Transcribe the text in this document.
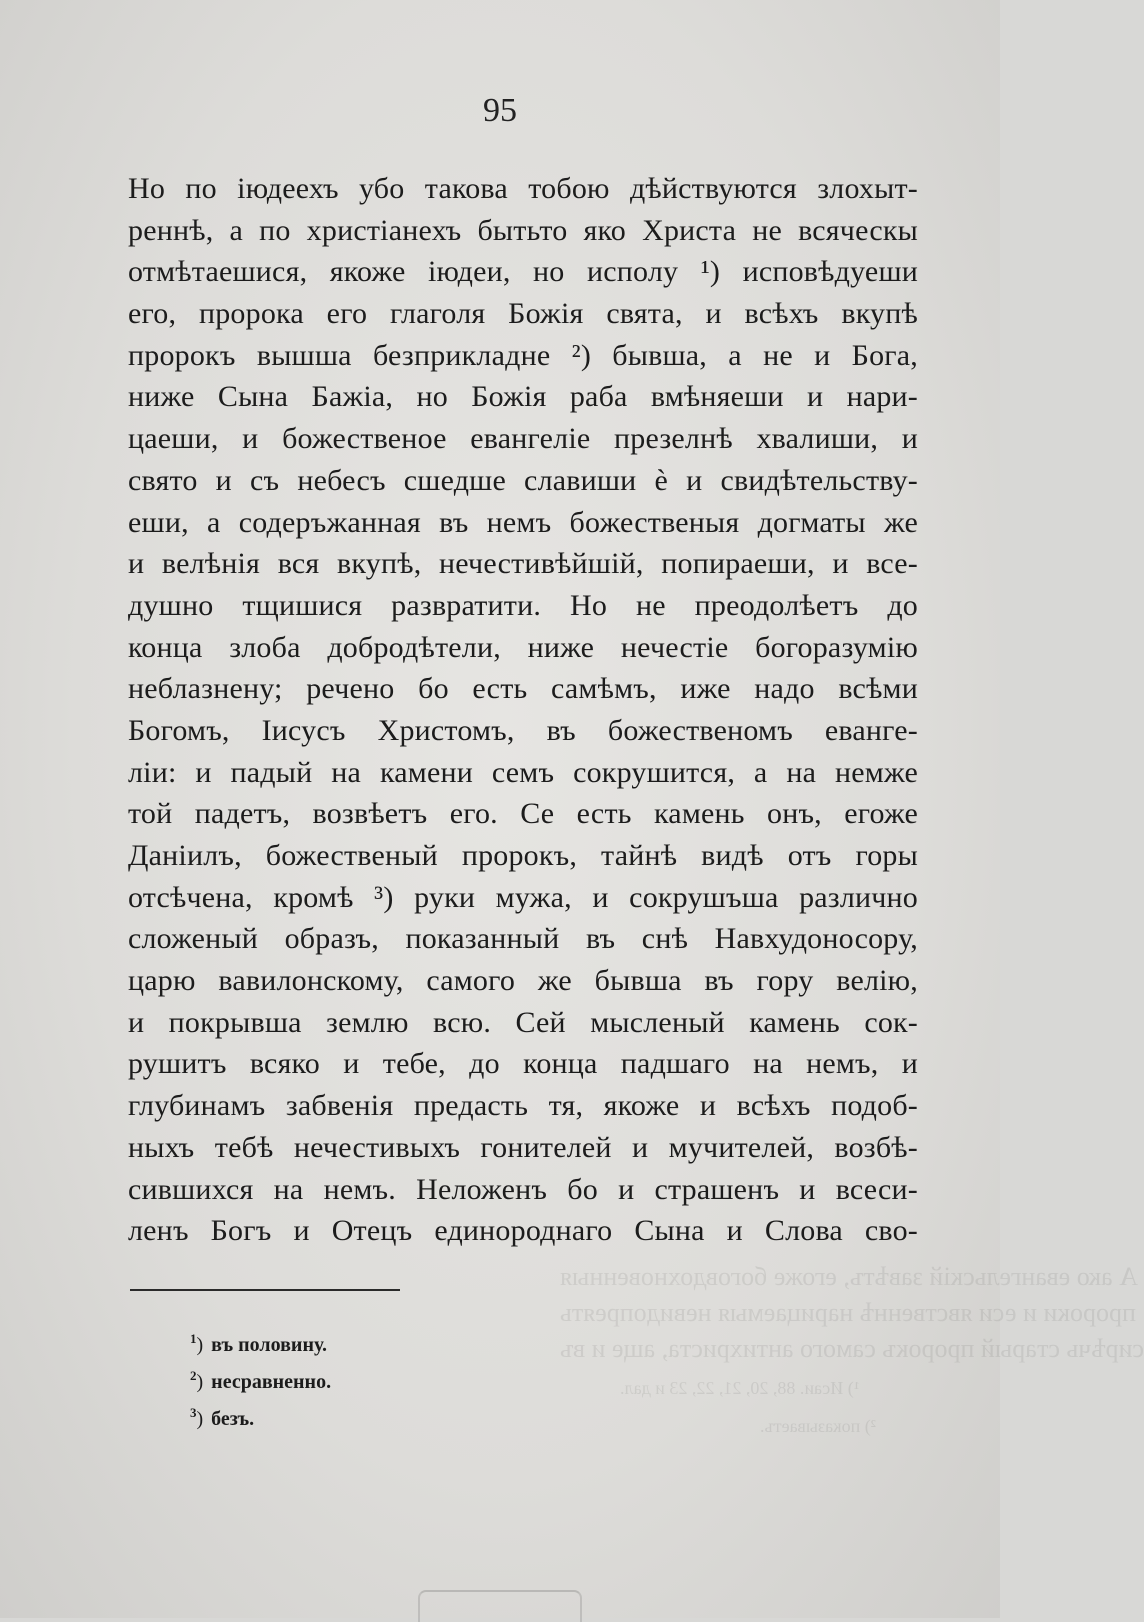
А ако евангельскій завѣтъ, егоже боговдохновенныя
пророки и еси явственнѣ нарицаемыя невидопреять
сирѣчь старый пророкъ самого антихриста, аще и въ
¹) Исаи. 88, 20, 21, 22, 23 и дал.
²) показываетъ.
95
Но по іюдеехъ убо такова тобою дѣйствуются злохыт-
реннѣ, а по христіанехъ бытьто яко Христа не всяческы
отмѣтаешися, якоже іюдеи, но исполу ¹) исповѣдуеши
его, пророка его глаголя Божія свята, и всѣхъ вкупѣ
пророкъ вышша безприкладне ²) бывша, а не и Бога,
ниже Сына Бажіа, но Божія раба вмѣняеши и нари-
цаеши, и божественое евангеліе презелнѣ хвалиши, и
свято и съ небесъ сшедше славиши ѐ и свидѣтельству-
еши, а содеръжанная въ немъ божественыя догматы же
и велѣнія вся вкупѣ, нечестивѣйшій, попираеши, и все-
душно тщишися развратити. Но не преодолѣетъ до
конца злоба добродѣтели, ниже нечестіе богоразумію
неблазнену; речено бо есть самѣмъ, иже надо всѣми
Богомъ, Іисусъ Христомъ, въ божественомъ еванге-
ліи: и падый на камени семъ сокрушится, а на немже
той падетъ, возвѣетъ его. Се есть камень онъ, егоже
Даніилъ, божественый пророкъ, тайнѣ видѣ отъ горы
отсѣчена, кромѣ ³) руки мужа, и сокрушъша различно
сложеный образъ, показанный въ снѣ Навхудоносору,
царю вавилонскому, самого же бывша въ гору велію,
и покрывша землю всю. Сей мысленый камень сок-
рушитъ всяко и тебе, до конца падшаго на немъ, и
глубинамъ забвенія предасть тя, якоже и всѣхъ подоб-
ныхъ тебѣ нечестивыхъ гонителей и мучителей, возбѣ-
сившихся на немъ. Неложенъ бо и страшенъ и всеси-
ленъ Богъ и Отецъ единороднаго Сына и Слова сво-
$^1$) въ половину.
$^2$) несравненно.
$^3$) безъ.
